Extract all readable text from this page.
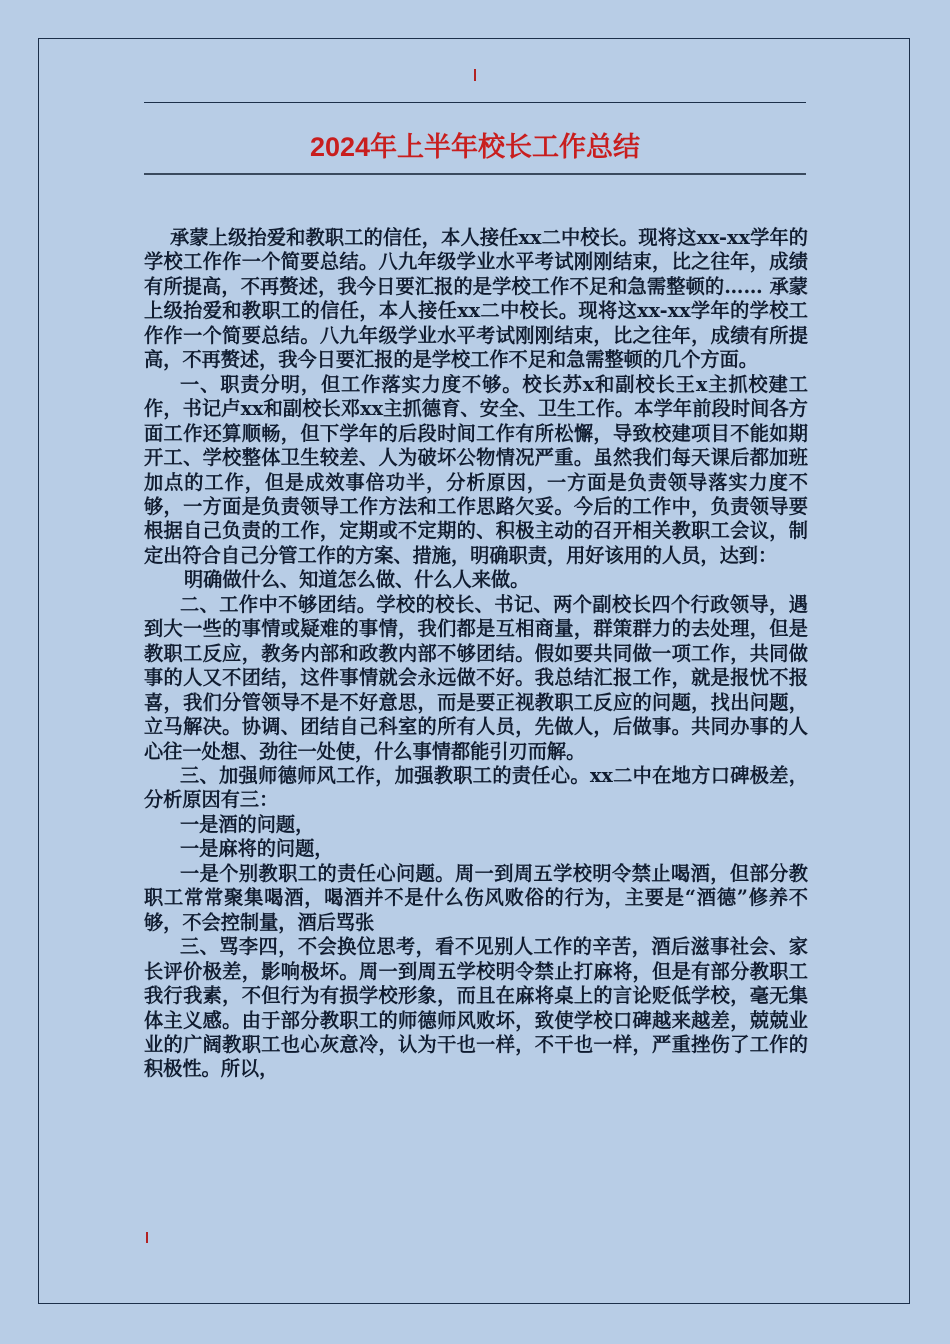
2024年上半年校长工作总结

承蒙上级抬爱和教职工的信任，本人接任xx二中校长。现将这xx-xx学年的学校工作作一个简要总结。八九年级学业水平考试刚刚结束，比之往年，成绩有所提高，不再赘述，我今日要汇报的是学校工作不足和急需整顿的…… 承蒙上级抬爱和教职工的信任，本人接任xx二中校长。现将这xx-xx学年的学校工作作一个简要总结。八九年级学业水平考试刚刚结束，比之往年，成绩有所提高，不再赘述，我今日要汇报的是学校工作不足和急需整顿的几个方面。

一、职责分明，但工作落实力度不够。校长苏x和副校长王x主抓校建工作，书记卢xx和副校长邓xx主抓德育、安全、卫生工作。本学年前段时间各方面工作还算顺畅，但下学年的后段时间工作有所松懈，导致校建项目不能如期开工、学校整体卫生较差、人为破坏公物情况严重。虽然我们每天课后都加班加点的工作，但是成效事倍功半，分析原因，一方面是负责领导落实力度不够，一方面是负责领导工作方法和工作思路欠妥。今后的工作中，负责领导要根据自己负责的工作，定期或不定期的、积极主动的召开相关教职工会议，制定出符合自己分管工作的方案、措施，明确职责，用好该用的人员，达到：

明确做什么、知道怎么做、什么人来做。

二、工作中不够团结。学校的校长、书记、两个副校长四个行政领导，遇到大一些的事情或疑难的事情，我们都是互相商量，群策群力的去处理，但是教职工反应，教务内部和政教内部不够团结。假如要共同做一项工作，共同做事的人又不团结，这件事情就会永远做不好。我总结汇报工作，就是报忧不报喜，我们分管领导不是不好意思，而是要正视教职工反应的问题，找出问题，立马解决。协调、团结自己科室的所有人员，先做人，后做事。共同办事的人心往一处想、劲往一处使，什么事情都能引刃而解。

三、加强师德师风工作，加强教职工的责任心。xx二中在地方口碑极差，分析原因有三：

一是酒的问题，

一是麻将的问题，

一是个别教职工的责任心问题。周一到周五学校明令禁止喝酒，但部分教职工常常聚集喝酒，喝酒并不是什么伤风败俗的行为，主要是“酒德”修养不够，不会控制量，酒后骂张

三、骂李四，不会换位思考，看不见别人工作的辛苦，酒后滋事社会、家长评价极差，影响极坏。周一到周五学校明令禁止打麻将，但是有部分教职工我行我素，不但行为有损学校形象，而且在麻将桌上的言论贬低学校，毫无集体主义感。由于部分教职工的师德师风败坏，致使学校口碑越来越差，兢兢业业的广阔教职工也心灰意冷，认为干也一样，不干也一样，严重挫伤了工作的积极性。所以，
